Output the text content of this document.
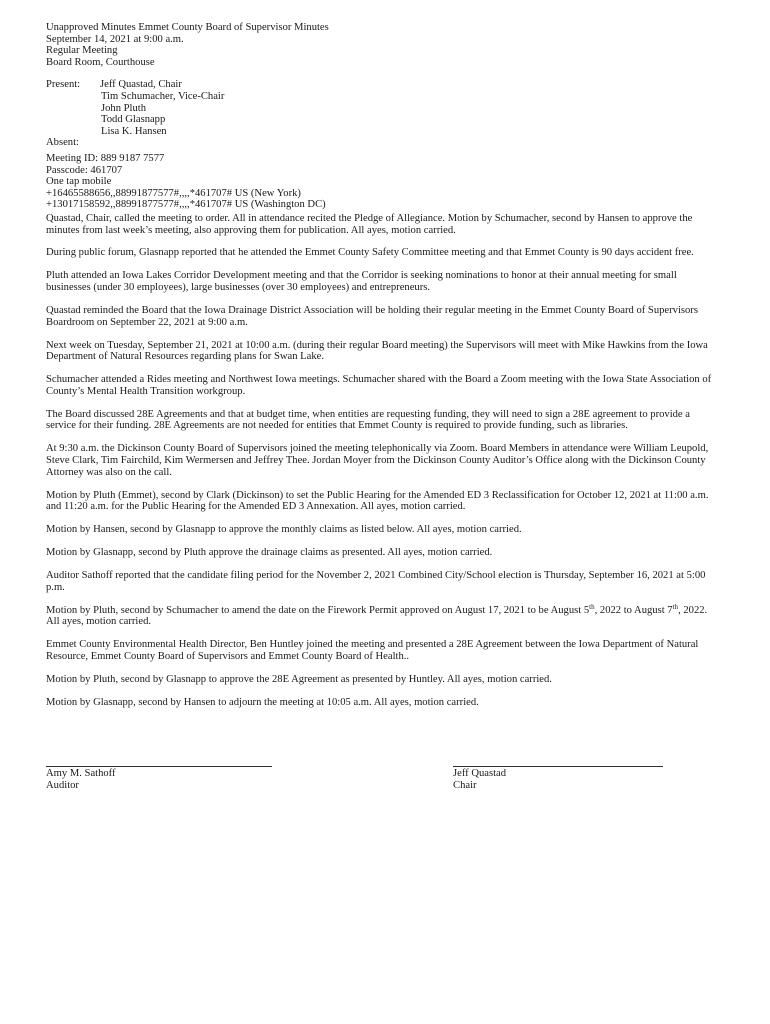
Unapproved Minutes Emmet County Board of Supervisor Minutes
September 14, 2021 at 9:00 a.m.
Regular Meeting
Board Room, Courthouse
Present:	Jeff Quastad, Chair
Tim Schumacher, Vice-Chair
John Pluth
Todd Glasnapp
Lisa K. Hansen
Absent:
Meeting ID: 889 9187 7577
Passcode: 461707
One tap mobile
+16465588656,,88991877577#,,,,*461707# US (New York)
+13017158592,,88991877577#,,,,*461707# US (Washington DC)

Quastad, Chair, called the meeting to order. All in attendance recited the Pledge of Allegiance. Motion by Schumacher, second by Hansen to approve the minutes from last week’s meeting, also approving them for publication. All ayes, motion carried.

During public forum, Glasnapp reported that he attended the Emmet County Safety Committee meeting and that Emmet County is 90 days accident free.

Pluth attended an Iowa Lakes Corridor Development meeting and that the Corridor is seeking nominations to honor at their annual meeting for small businesses (under 30 employees), large businesses (over 30 employees) and entrepreneurs.

Quastad reminded the Board that the Iowa Drainage District Association will be holding their regular meeting in the Emmet County Board of Supervisors Boardroom on September 22, 2021 at 9:00 a.m.

Next week on Tuesday, September 21, 2021 at 10:00 a.m. (during their regular Board meeting) the Supervisors will meet with Mike Hawkins from the Iowa Department of Natural Resources regarding plans for Swan Lake.

Schumacher attended a Rides meeting and Northwest Iowa meetings. Schumacher shared with the Board a Zoom meeting with the Iowa State Association of County’s Mental Health Transition workgroup.

The Board discussed 28E Agreements and that at budget time, when entities are requesting funding, they will need to sign a 28E agreement to provide a service for their funding. 28E Agreements are not needed for entities that Emmet County is required to provide funding, such as libraries.

At 9:30 a.m. the Dickinson County Board of Supervisors joined the meeting telephonically via Zoom. Board Members in attendance were William Leupold, Steve Clark, Tim Fairchild, Kim Wermersen and Jeffrey Thee. Jordan Moyer from the Dickinson County Auditor’s Office along with the Dickinson County Attorney was also on the call.

Motion by Pluth (Emmet), second by Clark (Dickinson) to set the Public Hearing for the Amended ED 3 Reclassification for October 12, 2021 at 11:00 a.m. and 11:20 a.m. for the Public Hearing for the Amended ED 3 Annexation. All ayes, motion carried.

Motion by Hansen, second by Glasnapp to approve the monthly claims as listed below. All ayes, motion carried.

Motion by Glasnapp, second by Pluth approve the drainage claims as presented. All ayes, motion carried.

Auditor Sathoff reported that the candidate filing period for the November 2, 2021 Combined City/School election is Thursday, September 16, 2021 at 5:00 p.m.

Motion by Pluth, second by Schumacher to amend the date on the Firework Permit approved on August 17, 2021 to be August 5th, 2022 to August 7th, 2022. All ayes, motion carried.

Emmet County Environmental Health Director, Ben Huntley joined the meeting and presented a 28E Agreement between the Iowa Department of Natural Resource, Emmet County Board of Supervisors and Emmet County Board of Health..

Motion by Pluth, second by Glasnapp to approve the 28E Agreement as presented by Huntley. All ayes, motion carried.

Motion by Glasnapp, second by Hansen to adjourn the meeting at 10:05 a.m. All ayes, motion carried.

Amy M. Sathoff
Auditor
Jeff Quastad
Chair
